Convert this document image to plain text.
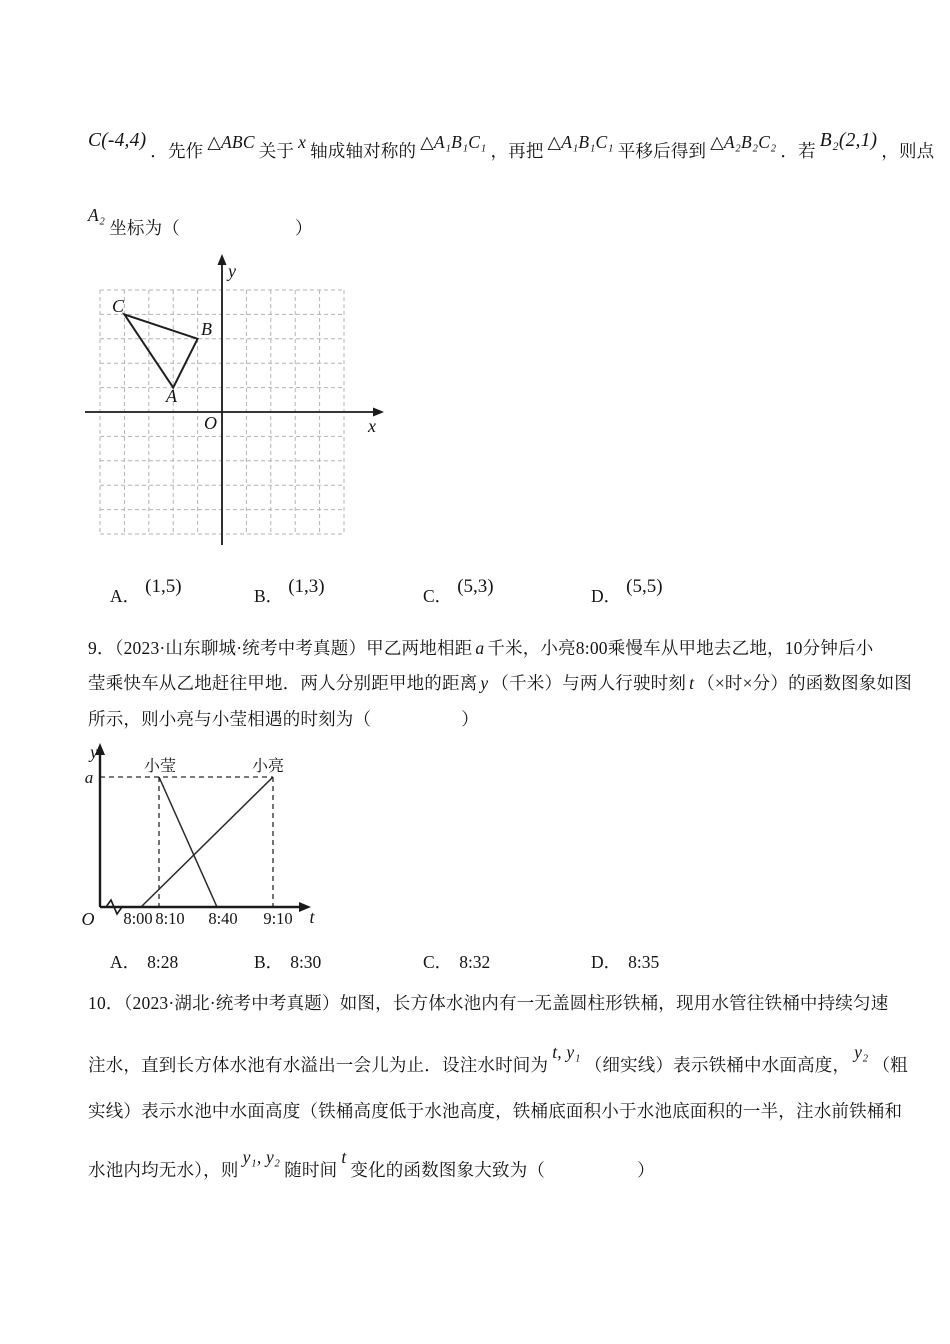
C(-4,4) ．先作 △ABC 关于 x 轴成轴对称的 △A₁B₁C₁ ，再把 △A₁B₁C₁ 平移后得到 △A₂B₂C₂ ．若 B₂(2,1) ，则点
A₂坐标为（	）
y
x
O
C
B
A
A． (1,5)	B． (1,3)	C． (5,3)	D． (5,5)
9．（2023·山东聊城·统考中考真题）甲乙两地相距 a 千米，小亮8:00乘慢车从甲地去乙地，10分钟后小
莹乘快车从乙地赶往甲地．两人分别距甲地的距离 y （千米）与两人行驶时刻 t （×时×分）的函数图象如图
所示，则小亮与小莹相遇的时刻为（	）
y
a
O
小莹	小亮
8:00 8:10 8:40 9:10 t
A． 8:28	B． 8:30	C． 8:32	D． 8:35
10．（2023·湖北·统考中考真题）如图，长方体水池内有一无盖圆柱形铁桶，现用水管往铁桶中持续匀速
注水，直到长方体水池有水溢出一会儿为止．设注水时间为t, y₁（细实线）表示铁桶中水面高度，y₂（粗
实线）表示水池中水面高度（铁桶高度低于水池高度，铁桶底面积小于水池底面积的一半，注水前铁桶和
水池内均无水），则y₁, y₂随时间t变化的函数图象大致为（	）
